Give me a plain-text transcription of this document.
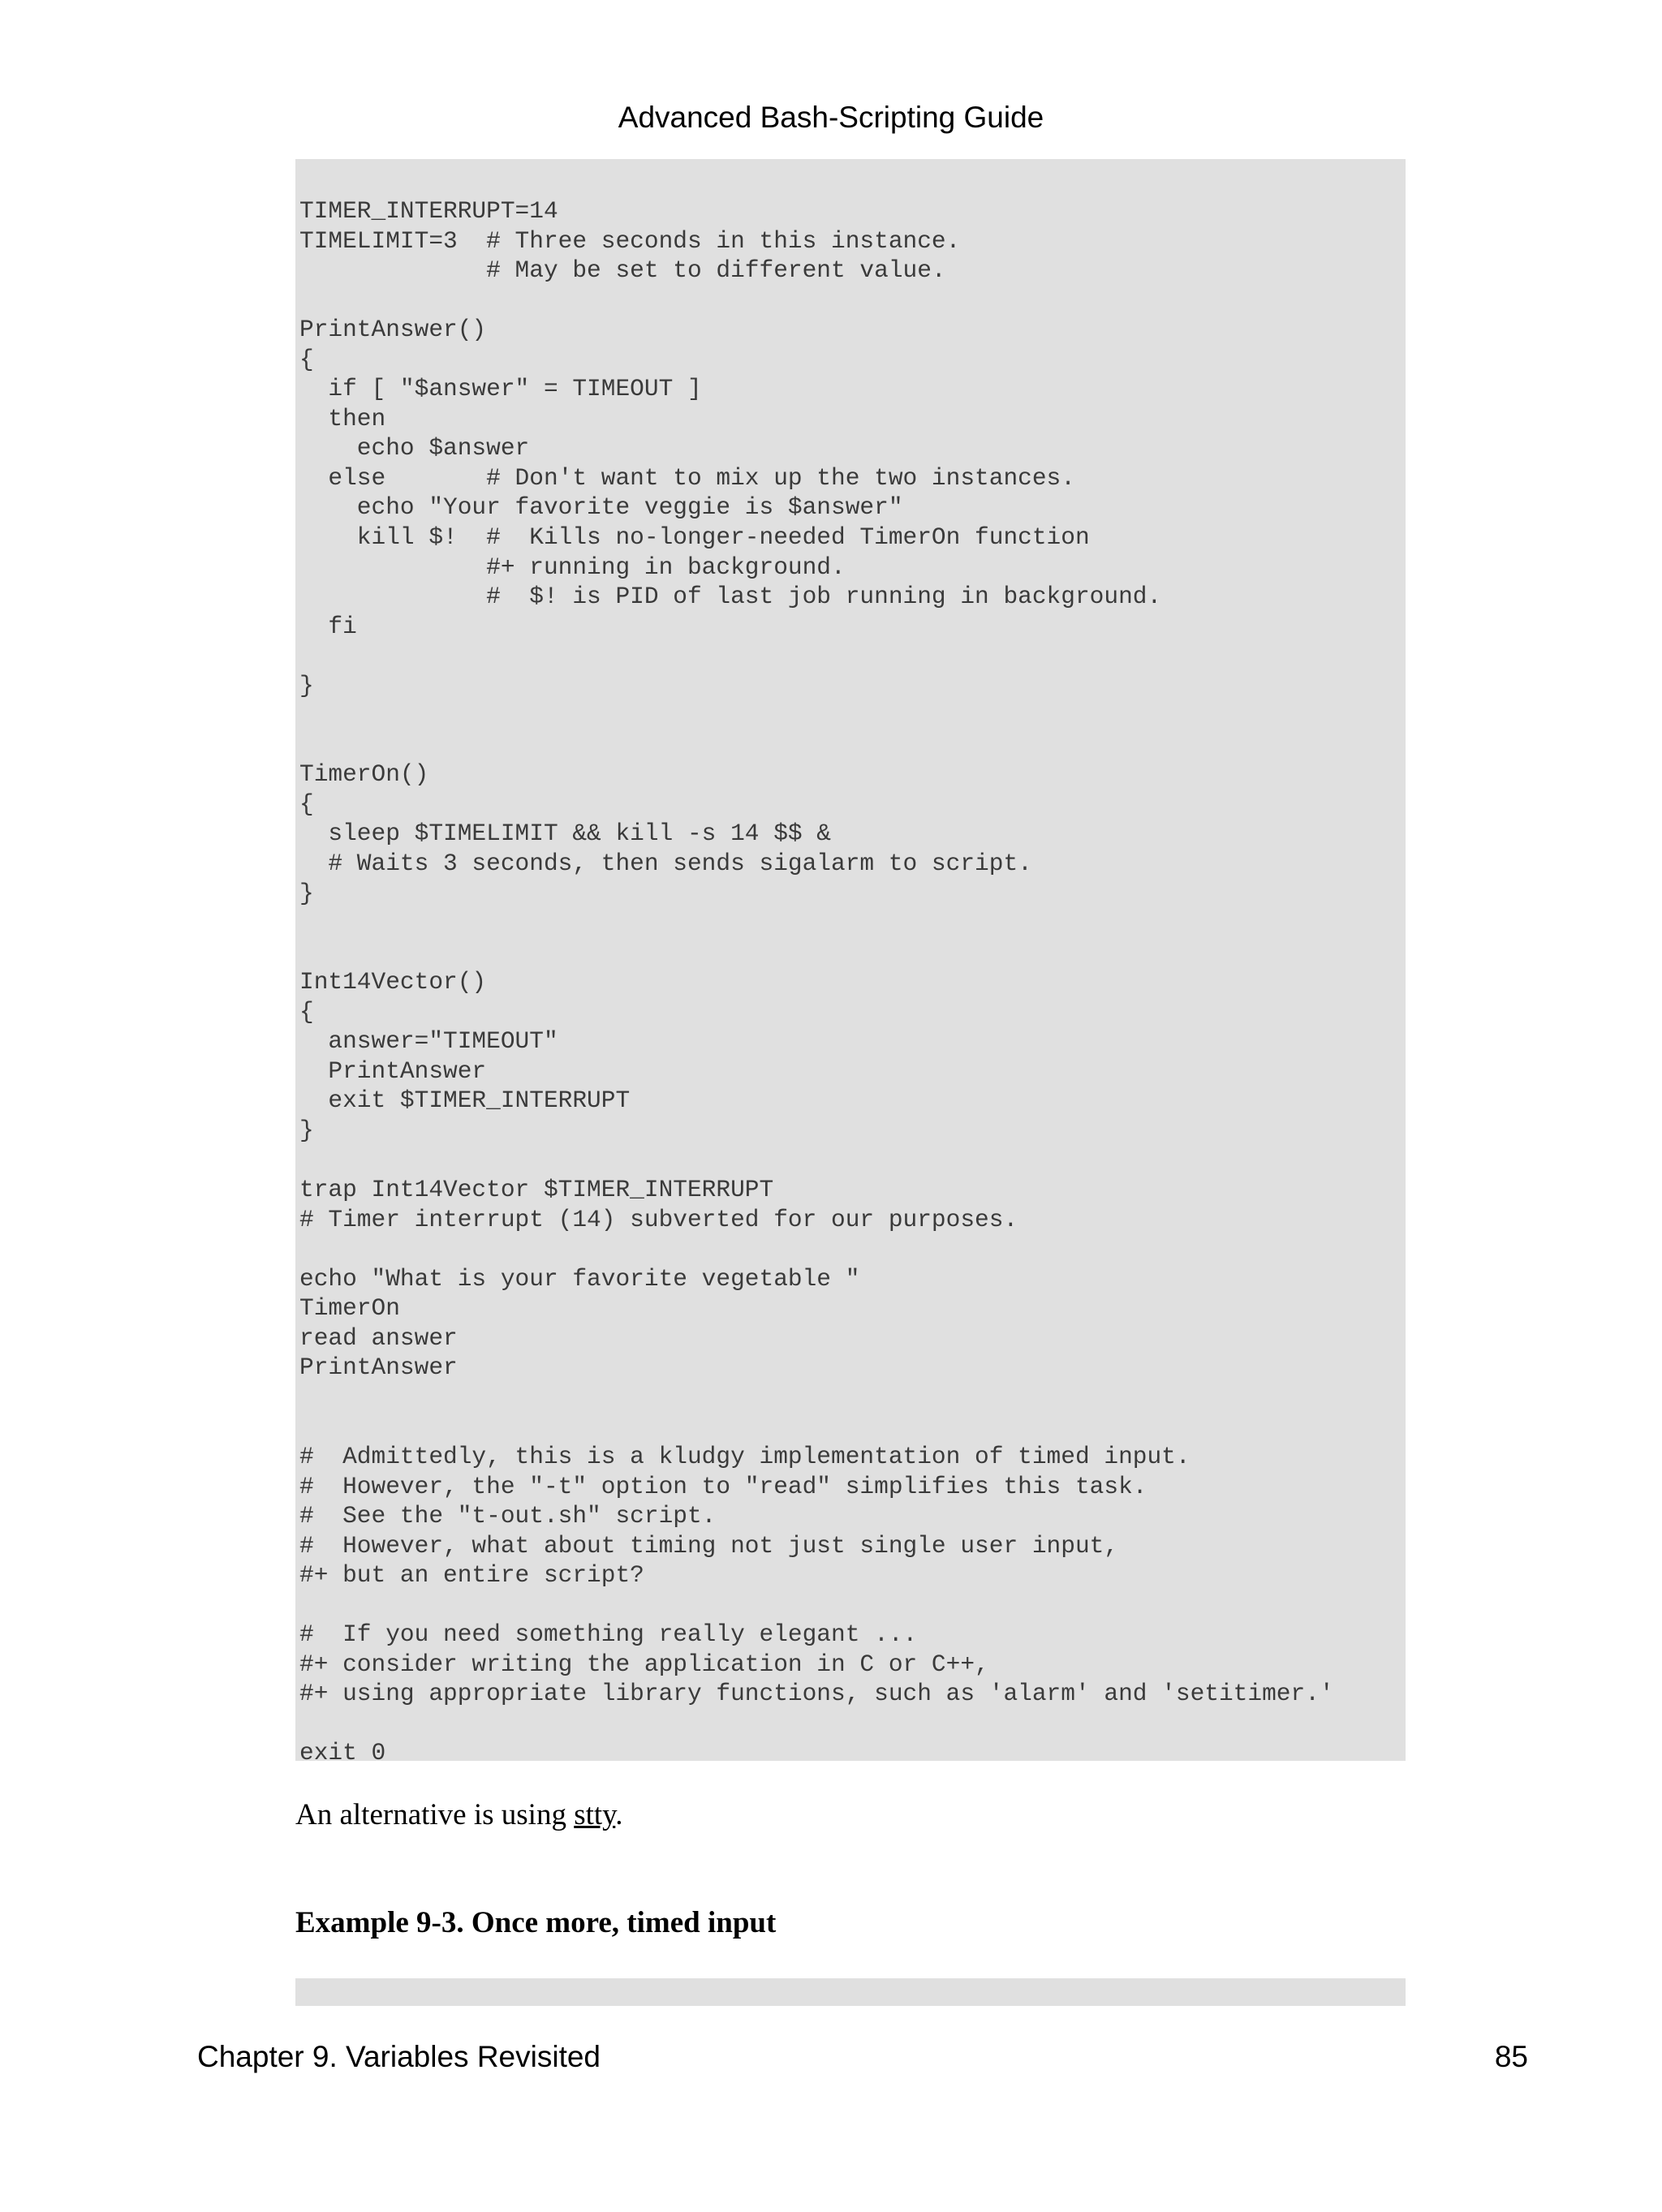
Advanced Bash-Scripting Guide
TIMER_INTERRUPT=14
TIMELIMIT=3  # Three seconds in this instance.
# May be set to different value.
PrintAnswer()
{
if [ "$answer" = TIMEOUT ]
then
echo $answer
else       # Don't want to mix up the two instances.
echo "Your favorite veggie is $answer"
kill $!  #  Kills no-longer-needed TimerOn function
#+ running in background.
#  $! is PID of last job running in background.
fi
}
TimerOn()
{
sleep $TIMELIMIT && kill -s 14 $$ &
# Waits 3 seconds, then sends sigalarm to script.
}
Int14Vector()
{
answer="TIMEOUT"
PrintAnswer
exit $TIMER_INTERRUPT
}
trap Int14Vector $TIMER_INTERRUPT
# Timer interrupt (14) subverted for our purposes.
echo "What is your favorite vegetable "
TimerOn
read answer
PrintAnswer
#  Admittedly, this is a kludgy implementation of timed input.
#  However, the "-t" option to "read" simplifies this task.
#  See the "t-out.sh" script.
#  However, what about timing not just single user input,
#+ but an entire script?
#  If you need something really elegant ...
#+ consider writing the application in C or C++,
#+ using appropriate library functions, such as 'alarm' and 'setitimer.'
exit 0

An alternative is using stty.

Example 9-3. Once more, timed input

Chapter 9. Variables Revisited	85
